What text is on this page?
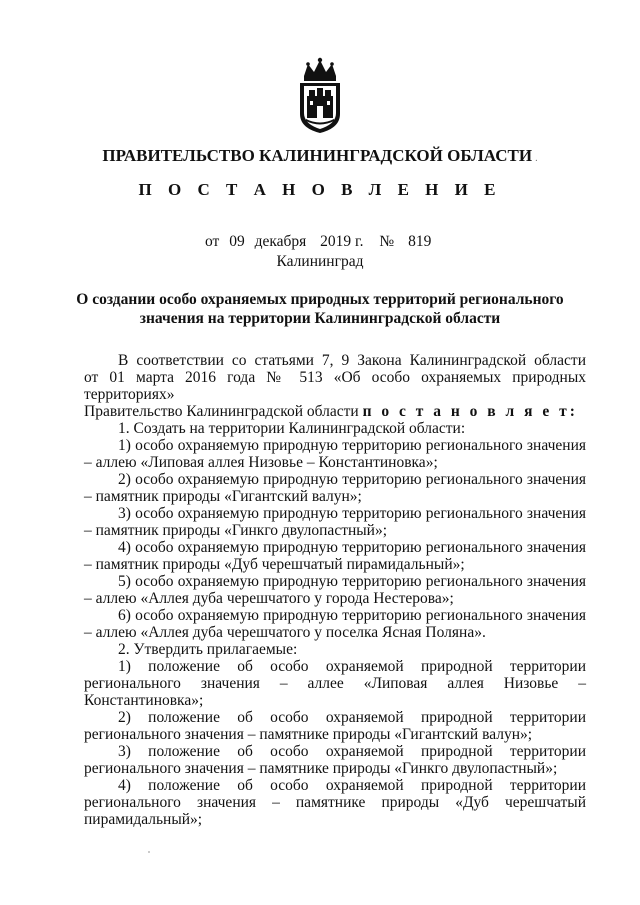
ПРАВИТЕЛЬСТВО КАЛИНИНГРАДСКОЙ ОБЛАСТИ .
П О С Т А Н О В Л Е Н И Е
от 09 декабря 2019 г. № 819
Калининград
О создании особо охраняемых природных территорий регионального
значения на территории Калининградской области

В соответствии со статьями 7, 9 Закона Калининградской области

от 01 марта 2016 года № 513 «Об особо охраняемых природных территориях»

Правительство Калининградской области п о с т а н о в л я е т:

1. Создать на территории Калининградской области:

1) особо охраняемую природную территорию регионального значения – аллею «Липовая аллея Низовье – Константиновка»;

2) особо охраняемую природную территорию регионального значения – памятник природы «Гигантский валун»;

3) особо охраняемую природную территорию регионального значения – памятник природы «Гинкго двулопастный»;

4) особо охраняемую природную территорию регионального значения – памятник природы «Дуб черешчатый пирамидальный»;

5) особо охраняемую природную территорию регионального значения – аллею «Аллея дуба черешчатого у города Нестерова»;

6) особо охраняемую природную территорию регионального значения – аллею «Аллея дуба черешчатого у поселка Ясная Поляна».

2. Утвердить прилагаемые:

1) положение об особо охраняемой природной территории регионального значения – аллее «Липовая аллея Низовье – Константиновка»;

2) положение об особо охраняемой природной территории регионального значения – памятнике природы «Гигантский валун»;

3) положение об особо охраняемой природной территории регионального значения – памятнике природы «Гинкго двулопастный»;

4) положение об особо охраняемой природной территории регионального значения – памятнике природы «Дуб черешчатый пирамидальный»;
